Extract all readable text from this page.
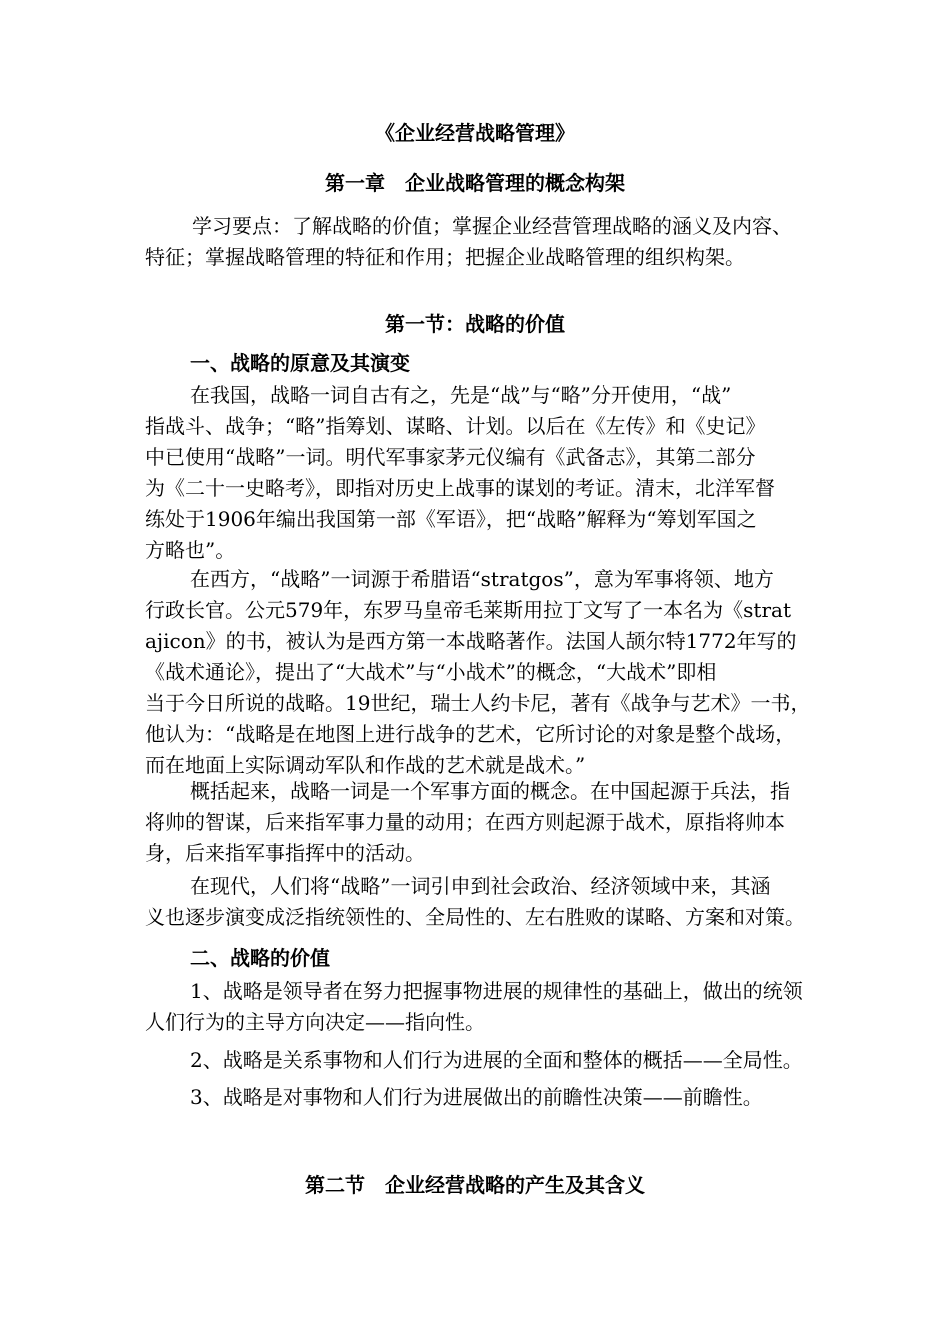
《企业经营战略管理》
第一章　企业战略管理的概念构架
学习要点：了解战略的价值；掌握企业经营管理战略的涵义及内容、
特征；掌握战略管理的特征和作用；把握企业战略管理的组织构架。
第一节：战略的价值
一、战略的原意及其演变
在我国，战略一词自古有之，先是“战”与“略”分开使用，“战”
指战斗、战争；“略”指筹划、谋略、计划。以后在《左传》和《史记》
中已使用“战略”一词。明代军事家茅元仪编有《武备志》，其第二部分
为《二十一史略考》，即指对历史上战事的谋划的考证。清末，北洋军督
练处于1906年编出我国第一部《军语》，把“战略”解释为“筹划军国之
方略也”。
在西方，“战略”一词源于希腊语“stratgos”，意为军事将领、地方
行政长官。公元579年，东罗马皇帝毛莱斯用拉丁文写了一本名为《strat
ajicon》的书，被认为是西方第一本战略著作。法国人颉尔特1772年写的
《战术通论》，提出了“大战术”与“小战术”的概念，“大战术”即相
当于今日所说的战略。19世纪，瑞士人约卡尼，著有《战争与艺术》一书，
他认为：“战略是在地图上进行战争的艺术，它所讨论的对象是整个战场，
而在地面上实际调动军队和作战的艺术就是战术。”
概括起来，战略一词是一个军事方面的概念。在中国起源于兵法，指
将帅的智谋，后来指军事力量的动用；在西方则起源于战术，原指将帅本
身，后来指军事指挥中的活动。
在现代，人们将“战略”一词引申到社会政治、经济领域中来，其涵
义也逐步演变成泛指统领性的、全局性的、左右胜败的谋略、方案和对策。
二、战略的价值
1、战略是领导者在努力把握事物进展的规律性的基础上，做出的统领
人们行为的主导方向决定——指向性。
2、战略是关系事物和人们行为进展的全面和整体的概括——全局性。
3、战略是对事物和人们行为进展做出的前瞻性决策——前瞻性。
第二节　企业经营战略的产生及其含义
